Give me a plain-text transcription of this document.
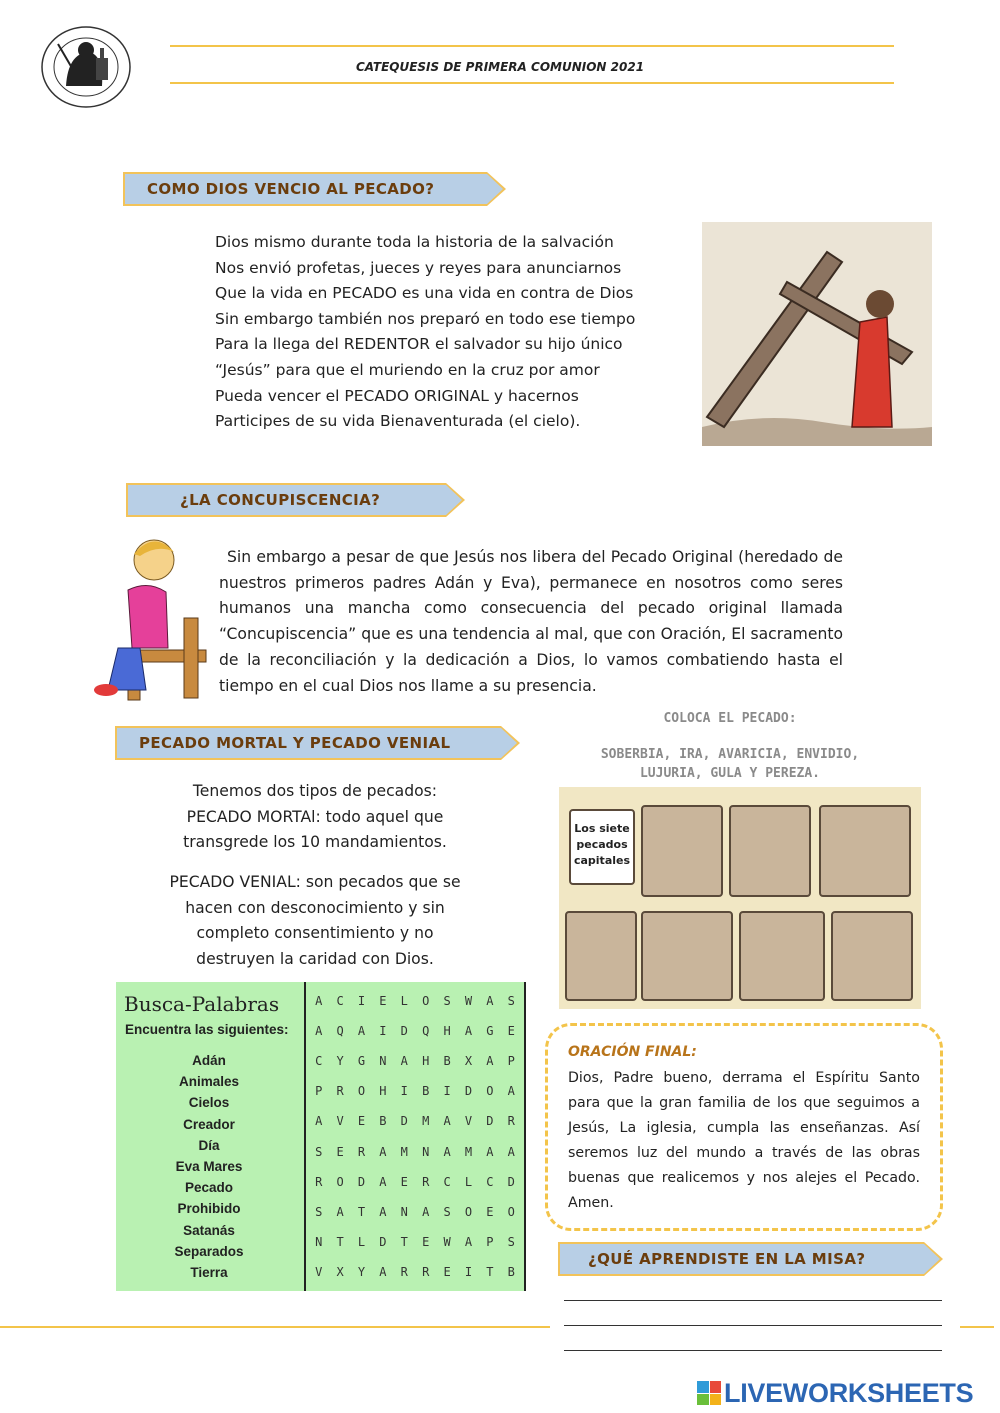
CATEQUESIS DE PRIMERA COMUNION 2021
COMO DIOS VENCIO AL PECADO?

Dios mismo durante toda la historia de la salvación

Nos envió profetas, jueces y reyes para anunciarnos

Que la vida en PECADO es una vida en contra de Dios

Sin embargo también nos preparó en todo ese tiempo

Para la llega del REDENTOR el salvador su hijo único

“Jesús” para que el muriendo en la cruz por amor

Pueda vencer el PECADO ORIGINAL y hacernos

Participes de su vida Bienaventurada (el cielo).

¿LA CONCUPISCENCIA?
Sin embargo a pesar de que Jesús nos libera del Pecado Original (heredado de nuestros primeros padres Adán y Eva), permanece en nosotros como seres humanos una mancha como consecuencia del pecado original llamada “Concupiscencia” que es una tendencia al mal, que con Oración, El sacramento de la reconciliación y la dedicación a Dios, lo vamos combatiendo hasta el tiempo en el cual Dios nos llame a su presencia.
PECADO MORTAL Y PECADO VENIAL

Tenemos dos tipos de pecados:

PECADO MORTAl: todo aquel que

transgrede los 10 mandamientos.

PECADO VENIAL: son pecados que se

hacen con desconocimiento y sin

completo consentimiento y no

destruyen la caridad con Dios.

COLOCA EL PECADO:

SOBERBIA, IRA, AVARICIA, ENVIDIO,

LUJURIA, GULA Y PEREZA.

Los siete

pecados

capitales

Busca-Palabras
Encuentra las siguientes:

Adán

Animales

Cielos

Creador

Día

Eva Mares

Pecado

Prohibido

Satanás

Separados

Tierra

A	C	I	E	L	O	S	W	A	S
A	Q	A	I	D	Q	H	A	G	E
C	Y	G	N	A	H	B	X	A	P
P	R	O	H	I	B	I	D	O	A
A	V	E	B	D	M	A	V	D	R
S	E	R	A	M	N	A	M	A	A
R	O	D	A	E	R	C	L	C	D
S	A	T	A	N	A	S	O	E	O
N	T	L	D	T	E	W	A	P	S
V	X	Y	A	R	R	E	I	T	B
ORACIÓN FINAL:
Dios, Padre bueno, derrama el Espíritu Santo para que la gran familia de los que seguimos a Jesús, La iglesia, cumpla las enseñanzas. Así seremos luz del mundo a través de las obras buenas que realicemos y nos alejes el Pecado. Amen.
¿QUÉ APRENDISTE EN LA MISA?
LIVEWORKSHEETS
